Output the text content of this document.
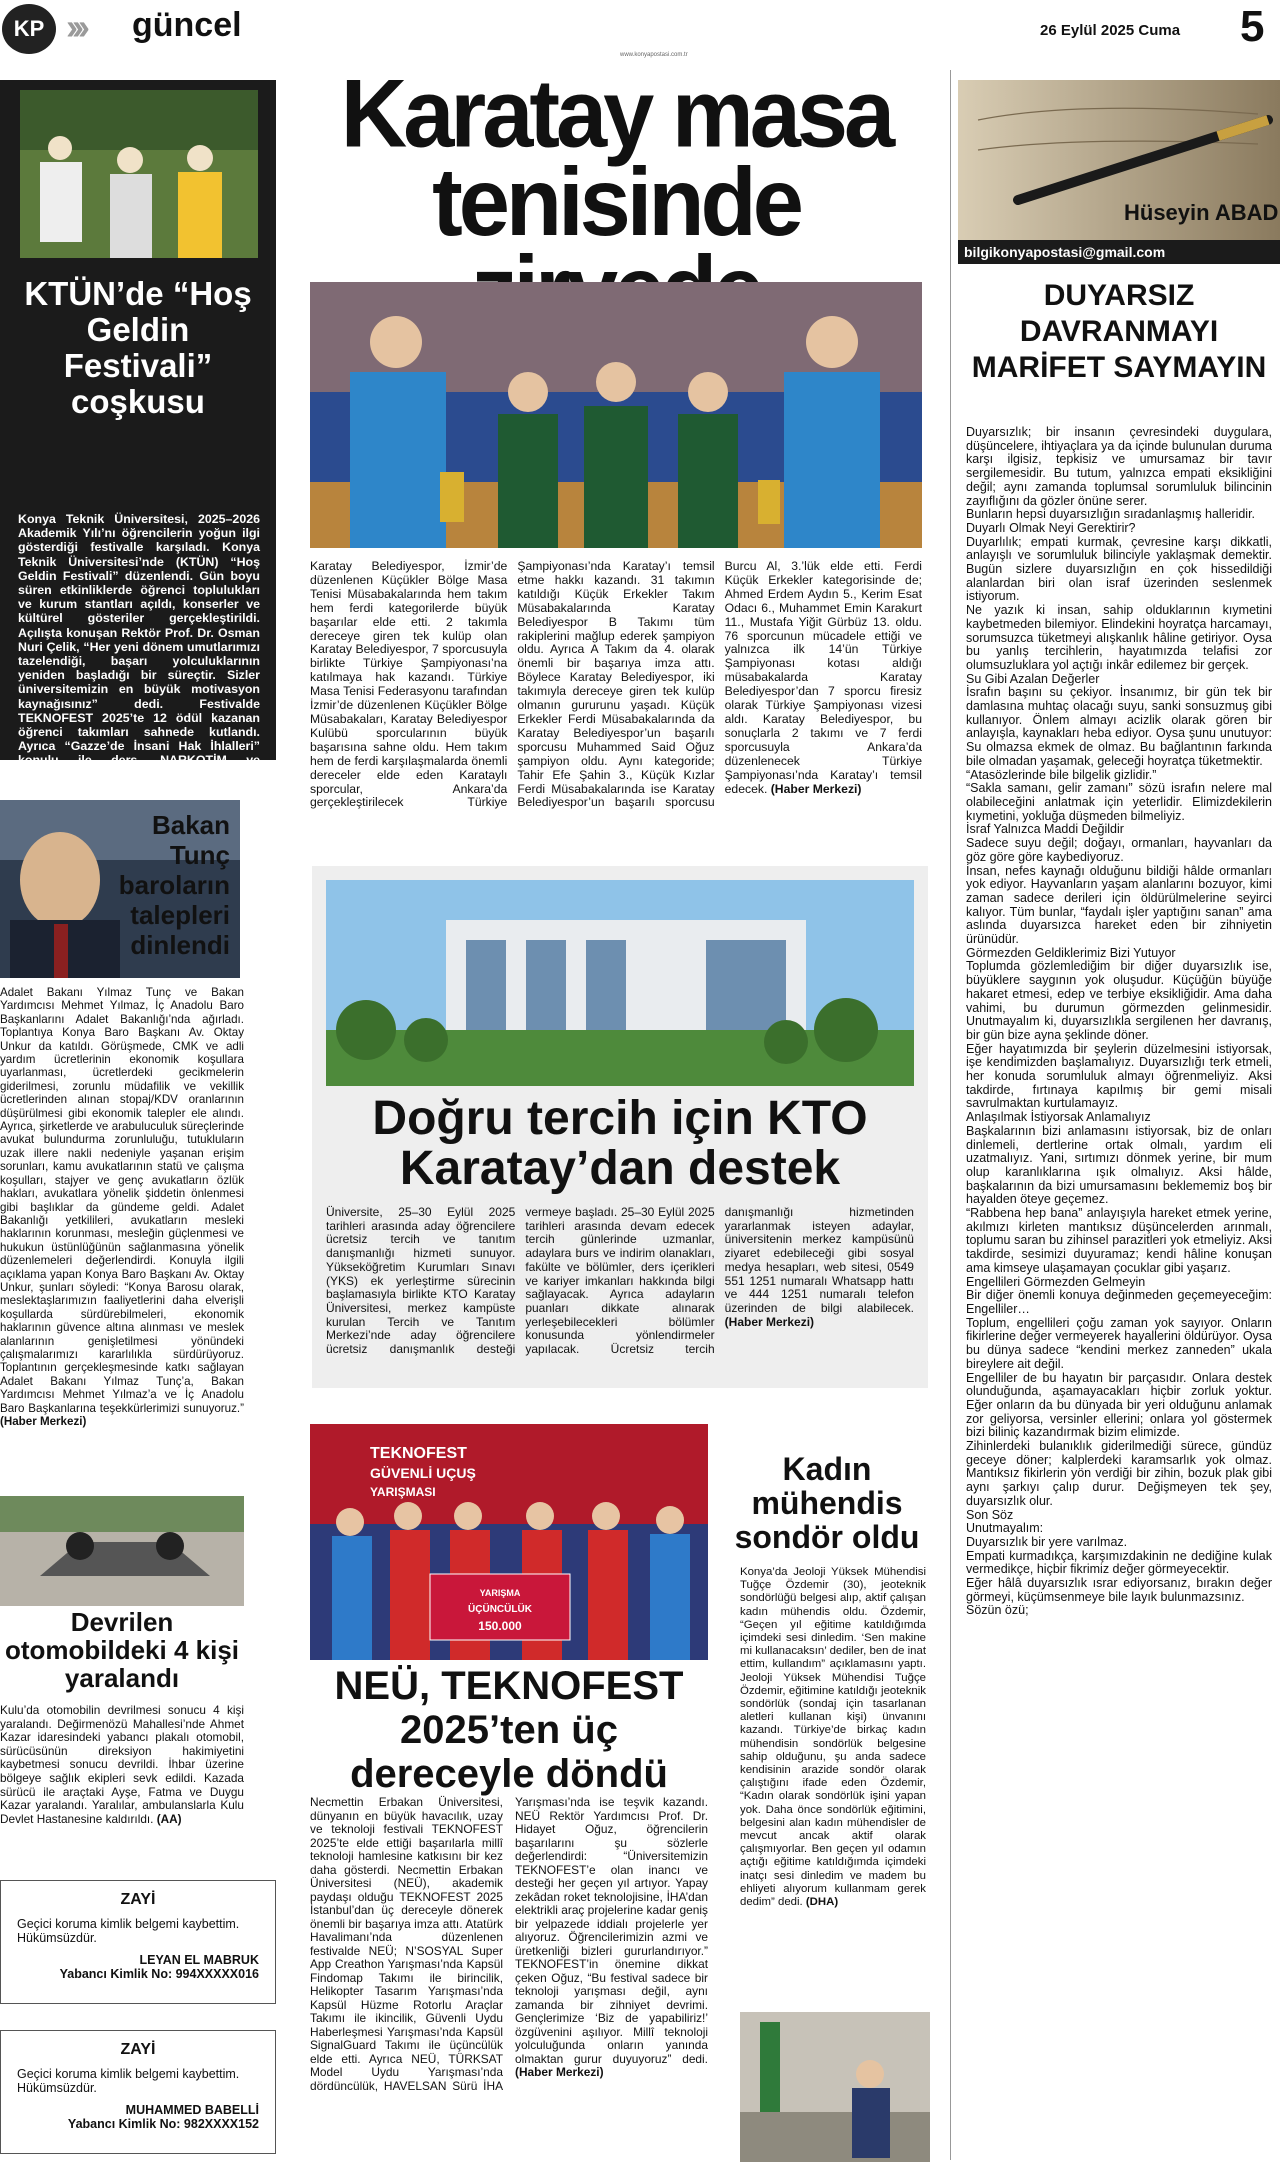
KP ››› güncel
www.konyapostasi.com.tr
26 Eylül 2025 Cuma 5
KTÜN’de “Hoş Geldin Festivali” coşkusu
Konya Teknik Üniversitesi, 2025–2026 Akademik Yılı’nı öğrencilerin yoğun ilgi gösterdiği festivalle karşıladı. Konya Teknik Üniversitesi’nde (KTÜN) “Hoş Geldin Festivali” düzenlendi. Gün boyu süren etkinliklerde öğrenci toplulukları ve kurum stantları açıldı, konserler ve kültürel gösteriler gerçekleştirildi. Açılışta konuşan Rektör Prof. Dr. Osman Nuri Çelik, “Her yeni dönem umutlarımızı tazelendiği, başarı yolculuklarının yeniden başladığı bir süreçtir. Sizler üniversitemizin en büyük motivasyon kaynağısınız” dedi. Festivalde TEKNOFEST 2025’te 12 ödül kazanan öğrenci takımları sahnede kutlandı. Ayrıca “Gazze’de İnsani Hak İhlalleri” konulu ile ders, NARKOTİM ve SİBERAY’ın bilgilendirme çalışmaları dikkat çekti.
Bakan Tunç baroların talepleri dinlendi
Adalet Bakanı Yılmaz Tunç ve Bakan Yardımcısı Mehmet Yılmaz, İç Anadolu Baro Başkanlarını Adalet Bakanlığı’nda ağırladı. Toplantıya Konya Baro Başkanı Av. Oktay Unkur da katıldı. Görüşmede, CMK ve adli yardım ücretlerinin ekonomik koşullara uyarlanması, ücretlerdeki gecikmelerin giderilmesi, zorunlu müdafilik ve vekillik ücretlerinden alınan stopaj/KDV oranlarının düşürülmesi gibi ekonomik talepler ele alındı. Ayrıca, şirketlerde ve arabuluculuk süreçlerinde avukat bulundurma zorunluluğu, tutukluların uzak illere nakli nedeniyle yaşanan erişim sorunları, kamu avukatlarının statü ve çalışma koşulları, stajyer ve genç avukatların özlük hakları, avukatlara yönelik şiddetin önlenmesi gibi başlıklar da gündeme geldi. Adalet Bakanlığı yetkilileri, avukatların mesleki haklarının korunması, mesleğin güçlenmesi ve hukukun üstünlüğünün sağlanmasına yönelik düzenlemeleri değerlendirdi. Konuyla ilgili açıklama yapan Konya Baro Başkanı Av. Oktay Unkur, şunları söyledi: “Konya Barosu olarak, meslektaşlarımızın faaliyetlerini daha elverişli koşullarda sürdürebilmeleri, ekonomik haklarının güvence altına alınması ve meslek alanlarının genişletilmesi yönündeki çalışmalarımızı kararlılıkla sürdürüyoruz. Toplantının gerçekleşmesinde katkı sağlayan Adalet Bakanı Yılmaz Tunç’a, Bakan Yardımcısı Mehmet Yılmaz’a ve İç Anadolu Baro Başkanlarına teşekkürlerimizi sunuyoruz.” (Haber Merkezi)
Devrilen otomobildeki 4 kişi yaralandı
Kulu’da otomobilin devrilmesi sonucu 4 kişi yaralandı. Değirmenözü Mahallesi’nde Ahmet Kazar idaresindeki yabancı plakalı otomobil, sürücüsünün direksiyon hakimiyetini kaybetmesi sonucu devrildi. İhbar üzerine bölgeye sağlık ekipleri sevk edildi. Kazada sürücü ile araçtaki Ayşe, Fatma ve Duygu Kazar yaralandı. Yaralılar, ambulanslarla Kulu Devlet Hastanesine kaldırıldı. (AA)
ZAYİ
Geçici koruma kimlik belgemi kaybettim. Hükümsüzdür.
LEYAN EL MABRUK
Yabancı Kimlik No: 994XXXXX016
ZAYİ
Geçici koruma kimlik belgemi kaybettim. Hükümsüzdür.
MUHAMMED BABELLİ
Yabancı Kimlik No: 982XXXX152
Karatay masa
tenisinde
Karatay Belediyespor, İzmir’de düzenlenen Küçükler Bölge Masa Tenisi Müsabakalarında hem takım hem ferdi kategorilerde büyük başarılar elde etti. 2 takımla dereceye giren tek kulüp olan Karatay Belediyespor, 7 sporcusuyla birlikte Türkiye Şampiyonası’na katılmaya hak kazandı. Türkiye Masa Tenisi Federasyonu tarafından İzmir’de düzenlenen Küçükler Bölge Müsabakaları, Karatay Belediyespor Kulübü sporcularının büyük başarısına sahne oldu. Hem takım hem de ferdi karşılaşmalarda önemli dereceler elde eden Karataylı sporcular, Ankara’da gerçekleştirilecek Türkiye Şampiyonası’nda Karatay’ı temsil etme hakkı kazandı. 31 takımın katıldığı Küçük Erkekler Takım Müsabakalarında Karatay Belediyespor B Takımı tüm rakiplerini mağlup ederek şampiyon oldu. Ayrıca A Takım da 4. olarak önemli bir başarıya imza attı. Böylece Karatay Belediyespor, iki takımıyla dereceye giren tek kulüp olmanın gururunu yaşadı. Küçük Erkekler Ferdi Müsabakalarında da Karatay Belediyespor’un başarılı sporcusu Muhammed Said Oğuz şampiyon oldu. Aynı kategoride; Tahir Efe Şahin 3., Küçük Kızlar Ferdi Müsabakalarında ise Karatay Belediyespor’un başarılı sporcusu Burcu Al, 3.’lük elde etti. Ferdi Küçük Erkekler kategorisinde de; Ahmed Erdem Aydın 5., Kerim Esat Odacı 6., Muhammet Emin Karakurt 11., Mustafa Yiğit Gürbüz 13. oldu. 76 sporcunun mücadele ettiği ve yalnızca ilk 14’ün Türkiye Şampiyonası kotası aldığı müsabakalarda Karatay Belediyespor’dan 7 sporcu firesiz olarak Türkiye Şampiyonası vizesi aldı. Karatay Belediyespor, bu sonuçlarla 2 takımı ve 7 ferdi sporcusuyla Ankara’da düzenlenecek Türkiye Şampiyonası’nda Karatay’ı temsil edecek. (Haber Merkezi)
Doğru tercih için KTO
Karatay’dan destek
Üniversite, 25–30 Eylül 2025 tarihleri arasında aday öğrencilere ücretsiz tercih ve tanıtım danışmanlığı hizmeti sunuyor. Yükseköğretim Kurumları Sınavı (YKS) ek yerleştirme sürecinin başlamasıyla birlikte KTO Karatay Üniversitesi, merkez kampüste kurulan Tercih ve Tanıtım Merkezi’nde aday öğrencilere ücretsiz danışmanlık desteği vermeye başladı. 25–30 Eylül 2025 tarihleri arasında devam edecek tercih günlerinde uzmanlar, adaylara burs ve indirim olanakları, fakülte ve bölümler, ders içerikleri ve kariyer imkanları hakkında bilgi sağlayacak. Ayrıca adayların puanları dikkate alınarak yerleşebilecekleri bölümler konusunda yönlendirmeler yapılacak. Ücretsiz tercih danışmanlığı hizmetinden yararlanmak isteyen adaylar, üniversitenin merkez kampüsünü ziyaret edebileceği gibi sosyal medya hesapları, web sitesi, 0549 551 1251 numaralı Whatsapp hattı ve 444 1251 numaralı telefon üzerinden de bilgi alabilecek. (Haber Merkezi)
TEKNOFEST
GÜVENLİ UÇUŞ
YARIŞMASI
YARIŞMA
ÜÇÜNCÜLÜK
150.000
NEÜ, TEKNOFEST 2025’ten üç dereceyle döndü
Necmettin Erbakan Üniversitesi, dünyanın en büyük havacılık, uzay ve teknoloji festivali TEKNOFEST 2025’te elde ettiği başarılarla millî teknoloji hamlesine katkısını bir kez daha gösterdi. Necmettin Erbakan Üniversitesi (NEÜ), akademik paydaşı olduğu TEKNOFEST 2025 İstanbul’dan üç dereceyle dönerek önemli bir başarıya imza attı. Atatürk Havalimanı’nda düzenlenen festivalde NEÜ; N’SOSYAL Super App Creathon Yarışması’nda Kapsül Findomap Takımı ile birincilik, Helikopter Tasarım Yarışması’nda Kapsül Hüzme Rotorlu Araçlar Takımı ile ikincilik, Güvenli Uydu Haberleşmesi Yarışması’nda Kapsül SignalGuard Takımı ile üçüncülük elde etti. Ayrıca NEÜ, TÜRKSAT Model Uydu Yarışması’nda dördüncülük, HAVELSAN Sürü İHA Yarışması’nda ise teşvik kazandı. NEÜ Rektör Yardımcısı Prof. Dr. Hidayet Oğuz, öğrencilerin başarılarını şu sözlerle değerlendirdi: “Üniversitemizin TEKNOFEST’e olan inancı ve desteği her geçen yıl artıyor. Yapay zekâdan roket teknolojisine, İHA’dan elektrikli araç projelerine kadar geniş bir yelpazede iddialı projelerle yer alıyoruz. Öğrencilerimizin azmi ve üretkenliği bizleri gururlandırıyor.” TEKNOFEST’in önemine dikkat çeken Oğuz, “Bu festival sadece bir teknoloji yarışması değil, aynı zamanda bir zihniyet devrimi. Gençlerimize ‘Biz de yapabiliriz!’ özgüvenini aşılıyor. Millî teknoloji yolculuğunda onların yanında olmaktan gurur duyuyoruz” dedi. (Haber Merkezi)
Kadın mühendis sondör oldu
Konya’da Jeoloji Yüksek Mühendisi Tuğçe Özdemir (30), jeoteknik sondörlüğü belgesi alıp, aktif çalışan kadın mühendis oldu. Özdemir, “Geçen yıl eğitime katıldığımda içimdeki sesi dinledim. ‘Sen makine mi kullanacaksın’ dediler, ben de inat ettim, kullandım” açıklamasını yaptı. Jeoloji Yüksek Mühendisi Tuğçe Özdemir, eğitimine katıldığı jeoteknik sondörlük (sondaj için tasarlanan aletleri kullanan kişi) ünvanını kazandı. Türkiye’de birkaç kadın mühendisin sondörlük belgesine sahip olduğunu, şu anda sadece kendisinin arazide sondör olarak çalıştığını ifade eden Özdemir, “Kadın olarak sondörlük işini yapan yok. Daha önce sondörlük eğitimini, belgesini alan kadın mühendisler de mevcut ancak aktif olarak çalışmıyorlar. Ben geçen yıl odamın açtığı eğitime katıldığımda içimdeki inatçı sesi dinledim ve madem bu ehliyeti alıyorum kullanmam gerek dedim” dedi. (DHA)
Hüseyin ABAD
bilgikonyapostasi@gmail.com
DUYARSIZ DAVRANMAYI MARİFET SAYMAYIN

Duyarsızlık; bir insanın çevresindeki duygulara, düşüncelere, ihtiyaçlara ya da içinde bulunulan duruma karşı ilgisiz, tepkisiz ve umursamaz bir tavır sergilemesidir. Bu tutum, yalnızca empati eksikliğini değil; aynı zamanda toplumsal sorumluluk bilincinin zayıflığını da gözler önüne serer.

Bunların hepsi duyarsızlığın sıradanlaşmış halleridir.

Duyarlı Olmak Neyi Gerektirir?

Duyarlılık; empati kurmak, çevresine karşı dikkatli, anlayışlı ve sorumluluk bilinciyle yaklaşmak demektir. Bugün sizlere duyarsızlığın en çok hissedildiği alanlardan biri olan israf üzerinden seslenmek istiyorum.

Ne yazık ki insan, sahip olduklarının kıymetini kaybetmeden bilemiyor. Elindekini hoyratça harcamayı, sorumsuzca tüketmeyi alışkanlık hâline getiriyor. Oysa bu yanlış tercihlerin, hayatımızda telafisi zor olumsuzluklara yol açtığı inkâr edilemez bir gerçek.

Su Gibi Azalan Değerler

İsrafın başını su çekiyor. İnsanımız, bir gün tek bir damlasına muhtaç olacağı suyu, sanki sonsuzmuş gibi kullanıyor. Önlem almayı acizlik olarak gören bir anlayışla, kaynakları heba ediyor. Oysa şunu unutuyor: Su olmazsa ekmek de olmaz. Bu bağlantının farkında bile olmadan yaşamak, geleceği hoyratça tüketmektir.

“Atasözlerinde bile bilgelik gizlidir.”

“Sakla samanı, gelir zamanı” sözü israfın nelere mal olabileceğini anlatmak için yeterlidir. Elimizdekilerin kıymetini, yokluğa düşmeden bilmeliyiz.

İsraf Yalnızca Maddi Değildir

Sadece suyu değil; doğayı, ormanları, hayvanları da göz göre göre kaybediyoruz.

İnsan, nefes kaynağı olduğunu bildiği hâlde ormanları yok ediyor. Hayvanların yaşam alanlarını bozuyor, kimi zaman sadece derileri için öldürülmelerine seyirci kalıyor. Tüm bunlar, “faydalı işler yaptığını sanan” ama aslında duyarsızca hareket eden bir zihniyetin ürünüdür.

Görmezden Geldiklerimiz Bizi Yutuyor

Toplumda gözlemlediğim bir diğer duyarsızlık ise, büyüklere saygının yok oluşudur. Küçüğün büyüğe hakaret etmesi, edep ve terbiye eksikliğidir. Ama daha vahimi, bu durumun görmezden gelinmesidir. Unutmayalım ki, duyarsızlıkla sergilenen her davranış, bir gün bize ayna şeklinde döner.

Eğer hayatımızda bir şeylerin düzelmesini istiyorsak, işe kendimizden başlamalıyız. Duyarsızlığı terk etmeli, her konuda sorumluluk almayı öğrenmeliyiz. Aksi takdirde, fırtınaya kapılmış bir gemi misali savrulmaktan kurtulamayız.

Anlaşılmak İstiyorsak Anlamalıyız

Başkalarının bizi anlamasını istiyorsak, biz de onları dinlemeli, dertlerine ortak olmalı, yardım eli uzatmalıyız. Yani, sırtımızı dönmek yerine, bir mum olup karanlıklarına ışık olmalıyız. Aksi hâlde, başkalarının da bizi umursamasını beklememiz boş bir hayalden öteye geçemez.

“Rabbena hep bana” anlayışıyla hareket etmek yerine, akılmızı kirleten mantıksız düşüncelerden arınmalı, toplumu saran bu zihinsel parazitleri yok etmeliyiz. Aksi takdirde, sesimizi duyuramaz; kendi hâline konuşan ama kimseye ulaşamayan çocuklar gibi yaşarız.

Engellileri Görmezden Gelmeyin

Bir diğer önemli konuya değinmeden geçemeyeceğim: Engelliler…

Toplum, engellileri çoğu zaman yok sayıyor. Onların fikirlerine değer vermeyerek hayallerini öldürüyor. Oysa bu dünya sadece “kendini merkez zanneden” ukala bireylere ait değil.

Engelliler de bu hayatın bir parçasıdır. Onlara destek olunduğunda, aşamayacakları hiçbir zorluk yoktur. Eğer onların da bu dünyada bir yeri olduğunu anlamak zor geliyorsa, versinler ellerini; onlara yol göstermek bizi biliniç kazandırmak bizim elimizde.

Zihinlerdeki bulanıklık giderilmediği sürece, gündüz geceye döner; kalplerdeki karamsarlık yok olmaz. Mantıksız fikirlerin yön verdiği bir zihin, bozuk plak gibi aynı şarkıyı çalıp durur. Değişmeyen tek şey, duyarsızlık olur.

Son Söz

Unutmayalım:

Duyarsızlık bir yere varılmaz.

Empati kurmadıkça, karşımızdakinin ne dediğine kulak vermedikçe, hiçbir fikrimiz değer görmeyecektir.

Eğer hâlâ duyarsızlık ısrar ediyorsanız, bırakın değer görmeyi, küçümsenmeye bile layık bulunmazsınız.

Sözün özü;
